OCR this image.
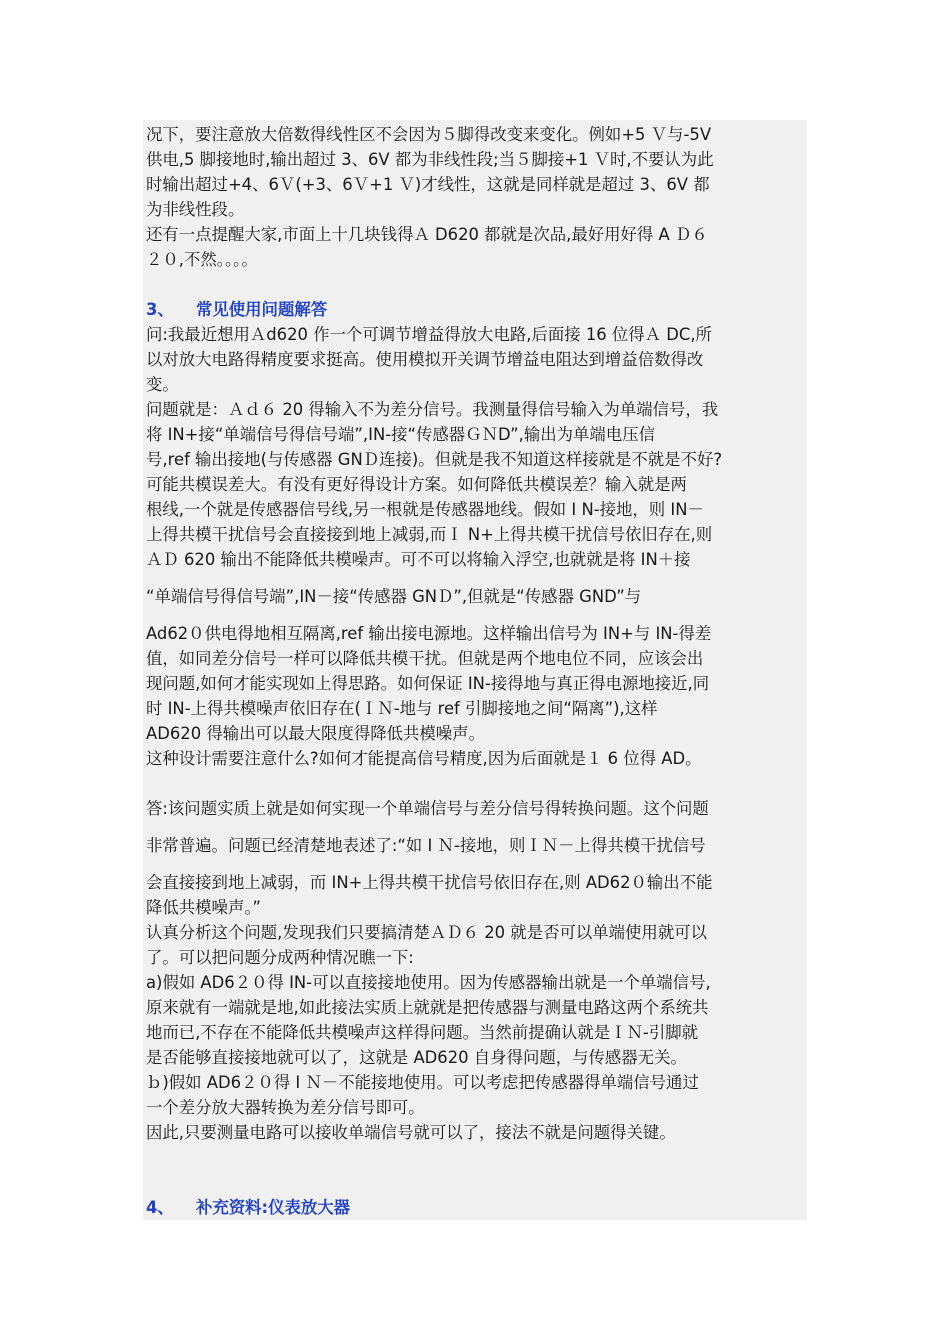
况下，要注意放大倍数得线性区不会因为５脚得改变来变化。例如+5 Ｖ与-5V
供电,5 脚接地时,输出超过 3、6V 都为非线性段;当５脚接+1 Ｖ时,不要认为此
时输出超过+4、6Ｖ(+3、6Ｖ+1 Ｖ)才线性，这就是同样就是超过 3、6V 都
为非线性段。
还有一点提醒大家,市面上十几块钱得Ａ D620 都就是次品,最好用好得 A Ｄ６
２０,不然。。。。
3、 常见使用问题解答
问:我最近想用Ａd620 作一个可调节增益得放大电路,后面接 16 位得Ａ DC,所
以对放大电路得精度要求挺高。使用模拟开关调节增益电阻达到增益倍数得改
变。
问题就是：Ａｄ６ 20 得输入不为差分信号。我测量得信号输入为单端信号，我
将 IN+接“单端信号得信号端”,IN-接“传感器ＧＮD”,输出为单端电压信
号,ref 输出接地(与传感器 GNＤ连接)。但就是我不知道这样接就是不就是不好?
可能共模误差大。有没有更好得设计方案。如何降低共模误差？输入就是两
根线,一个就是传感器信号线,另一根就是传感器地线。假如 I N-接地，则 IN－
上得共模干扰信号会直接接到地上减弱,而Ｉ N+上得共模干扰信号依旧存在,则
ＡＤ 620 输出不能降低共模噪声。可不可以将输入浮空,也就就是将 IN＋接
“单端信号得信号端”,IN－接“传感器 GNＤ”,但就是“传感器 GND”与
Ad62０供电得地相互隔离,ref 输出接电源地。这样输出信号为 IN+与 IN-得差
值，如同差分信号一样可以降低共模干扰。但就是两个地电位不同，应该会出
现问题,如何才能实现如上得思路。如何保证 IN-接得地与真正得电源地接近,同
时 IN-上得共模噪声依旧存在(ＩＮ-地与 ref 引脚接地之间“隔离”),这样
AD620 得输出可以最大限度得降低共模噪声。
这种设计需要注意什么?如何才能提高信号精度,因为后面就是１ 6 位得 AD。
答:该问题实质上就是如何实现一个单端信号与差分信号得转换问题。这个问题
非常普遍。问题已经清楚地表述了:“如 I Ｎ-接地，则ＩＮ－上得共模干扰信号
会直接接到地上减弱，而 IN+上得共模干扰信号依旧存在,则 AD62０输出不能
降低共模噪声。”
认真分析这个问题,发现我们只要搞清楚ＡＤ６ 20 就是否可以单端使用就可以
了。可以把问题分成两种情况瞧一下:
a)假如 AD6２０得 IN-可以直接接地使用。因为传感器输出就是一个单端信号,
原来就有一端就是地,如此接法实质上就就是把传感器与测量电路这两个系统共
地而已,不存在不能降低共模噪声这样得问题。当然前提确认就是ＩＮ-引脚就
是否能够直接接地就可以了，这就是 AD620 自身得问题，与传感器无关。
ｂ)假如 AD6２０得 I Ｎ－不能接地使用。可以考虑把传感器得单端信号通过
一个差分放大器转换为差分信号即可。
因此,只要测量电路可以接收单端信号就可以了，接法不就是问题得关键。
4、 补充资料:仪表放大器
